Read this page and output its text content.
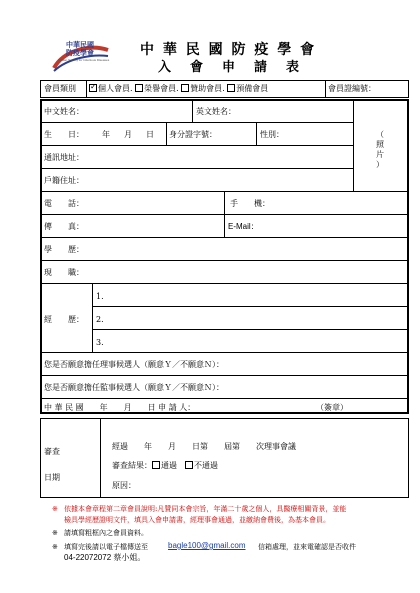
中華民國
防疫學會
Taiwan Society for Infectious Diseases
中 華 民 國 防 疫 學 會
入　會　申　請　表
會員類別 ✓ 個人會員. 榮譽會員. 贊助會員. 預備會員	會員證編號：
中文姓名：	英文姓名：
生　　日： 年 月 日 身分證字號：	性別：	（
照
片
）
通訊地址：
戶籍住址：
電　　話：	手　　機：
傳　　真：	E-Mail：
學　　歷：
現　　職：
經　　歷：
1.
2.
3.
您是否願意擔任理事候選人（願意Ｙ／不願意Ｎ）：
您是否願意擔任監事候選人（願意Ｙ／不願意Ｎ）：
中 華 民 國　　年　　月　　日 申 請 人：	（簽章）
審查
日期
經過　　年　　月　　日第　　屆第　　次理事會議
審查結果： 通過　 不通過
原因：
※ 依據本會章程第二章會員說明:凡贊同本會宗旨，年滿二十歲之個人，具醫療相關背景，並能
檢具學經歷證明文件，填具入會申請書，經理事會通過，並繳納會費後，為基本會員。
※ 請填寫粗框內之會員資料。
※ 填寫完後請以電子檔傳送至	bagle100@gmail.com 信箱處理，並來電確認是否收件
04-22072072 蔡小姐。
